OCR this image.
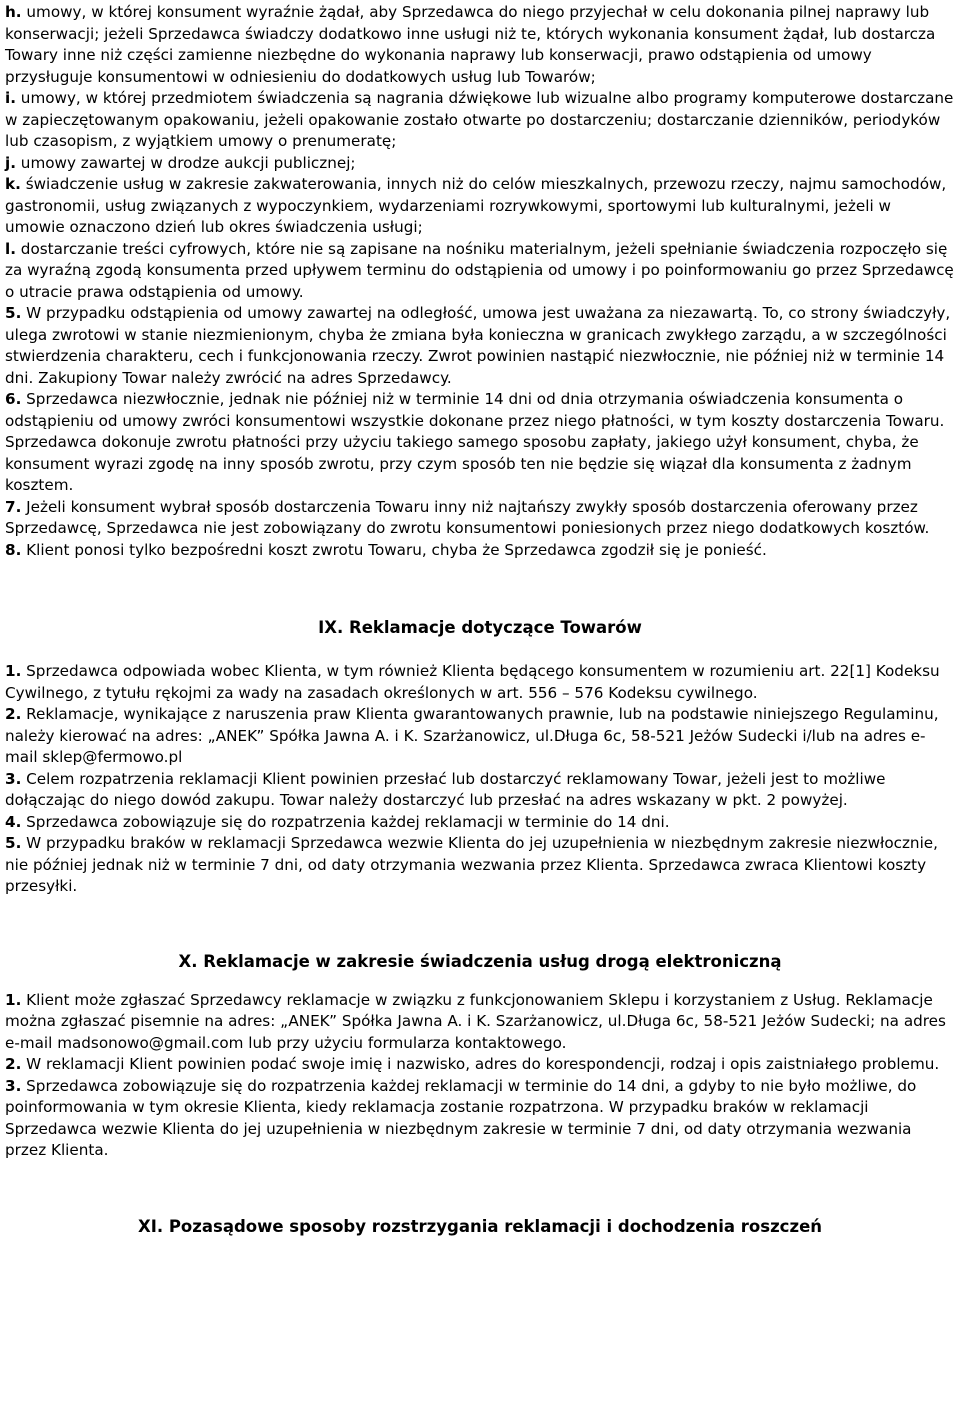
h. umowy, w której konsument wyraźnie żądał, aby Sprzedawca do niego przyjechał w celu dokonania pilnej naprawy lub konserwacji; jeżeli Sprzedawca świadczy dodatkowo inne usługi niż te, których wykonania konsument żądał, lub dostarcza Towary inne niż części zamienne niezbędne do wykonania naprawy lub konserwacji, prawo odstąpienia od umowy przysługuje konsumentowi w odniesieniu do dodatkowych usług lub Towarów;

i. umowy, w której przedmiotem świadczenia są nagrania dźwiękowe lub wizualne albo programy komputerowe dostarczane w zapieczętowanym opakowaniu, jeżeli opakowanie zostało otwarte po dostarczeniu; dostarczanie dzienników, periodyków lub czasopism, z wyjątkiem umowy o prenumeratę;

j. umowy zawartej w drodze aukcji publicznej;

k. świadczenie usług w zakresie zakwaterowania, innych niż do celów mieszkalnych, przewozu rzeczy, najmu samochodów, gastronomii, usług związanych z wypoczynkiem, wydarzeniami rozrywkowymi, sportowymi lub kulturalnymi, jeżeli w umowie oznaczono dzień lub okres świadczenia usługi;

l. dostarczanie treści cyfrowych, które nie są zapisane na nośniku materialnym, jeżeli spełnianie świadczenia rozpoczęło się za wyraźną zgodą konsumenta przed upływem terminu do odstąpienia od umowy i po poinformowaniu go przez Sprzedawcę o utracie prawa odstąpienia od umowy.

5. W przypadku odstąpienia od umowy zawartej na odległość, umowa jest uważana za niezawartą. To, co strony świadczyły, ulega zwrotowi w stanie niezmienionym, chyba że zmiana była konieczna w granicach zwykłego zarządu, a w szczególności stwierdzenia charakteru, cech i funkcjonowania rzeczy. Zwrot powinien nastąpić niezwłocznie, nie później niż w terminie 14 dni. Zakupiony Towar należy zwrócić na adres Sprzedawcy.

6. Sprzedawca niezwłocznie, jednak nie później niż w terminie 14 dni od dnia otrzymania oświadczenia konsumenta o odstąpieniu od umowy zwróci konsumentowi wszystkie dokonane przez niego płatności, w tym koszty dostarczenia Towaru. Sprzedawca dokonuje zwrotu płatności przy użyciu takiego samego sposobu zapłaty, jakiego użył konsument, chyba, że konsument wyrazi zgodę na inny sposób zwrotu, przy czym sposób ten nie będzie się wiązał dla konsumenta z żadnym kosztem.

7. Jeżeli konsument wybrał sposób dostarczenia Towaru inny niż najtańszy zwykły sposób dostarczenia oferowany przez Sprzedawcę, Sprzedawca nie jest zobowiązany do zwrotu konsumentowi poniesionych przez niego dodatkowych kosztów.

8. Klient ponosi tylko bezpośredni koszt zwrotu Towaru, chyba że Sprzedawca zgodził się je ponieść.

IX. Reklamacje dotyczące Towarów

1. Sprzedawca odpowiada wobec Klienta, w tym również Klienta będącego konsumentem w rozumieniu art. 22[1] Kodeksu Cywilnego, z tytułu rękojmi za wady na zasadach określonych w art. 556 – 576 Kodeksu cywilnego.

2. Reklamacje, wynikające z naruszenia praw Klienta gwarantowanych prawnie, lub na podstawie niniejszego Regulaminu, należy kierować na adres: „ANEK” Spółka Jawna A. i K. Szarżanowicz, ul.Długa 6c, 58-521 Jeżów Sudecki i/lub na adres e-mail sklep@fermowo.pl

3. Celem rozpatrzenia reklamacji Klient powinien przesłać lub dostarczyć reklamowany Towar, jeżeli jest to możliwe dołączając do niego dowód zakupu. Towar należy dostarczyć lub przesłać na adres wskazany w pkt. 2 powyżej.

4. Sprzedawca zobowiązuje się do rozpatrzenia każdej reklamacji w terminie do 14 dni.

5. W przypadku braków w reklamacji Sprzedawca wezwie Klienta do jej uzupełnienia w niezbędnym zakresie niezwłocznie, nie później jednak niż w terminie 7 dni, od daty otrzymania wezwania przez Klienta. Sprzedawca zwraca Klientowi koszty przesyłki.

X. Reklamacje w zakresie świadczenia usług drogą elektroniczną

1. Klient może zgłaszać Sprzedawcy reklamacje w związku z funkcjonowaniem Sklepu i korzystaniem z Usług. Reklamacje można zgłaszać pisemnie na adres: „ANEK” Spółka Jawna A. i K. Szarżanowicz, ul.Długa 6c, 58-521 Jeżów Sudecki; na adres e-mail madsonowo@gmail.com lub przy użyciu formularza kontaktowego.

2. W reklamacji Klient powinien podać swoje imię i nazwisko, adres do korespondencji, rodzaj i opis zaistniałego problemu.

3. Sprzedawca zobowiązuje się do rozpatrzenia każdej reklamacji w terminie do 14 dni, a gdyby to nie było możliwe, do poinformowania w tym okresie Klienta, kiedy reklamacja zostanie rozpatrzona. W przypadku braków w reklamacji Sprzedawca wezwie Klienta do jej uzupełnienia w niezbędnym zakresie w terminie 7 dni, od daty otrzymania wezwania przez Klienta.

XI. Pozasądowe sposoby rozstrzygania reklamacji i dochodzenia roszczeń
